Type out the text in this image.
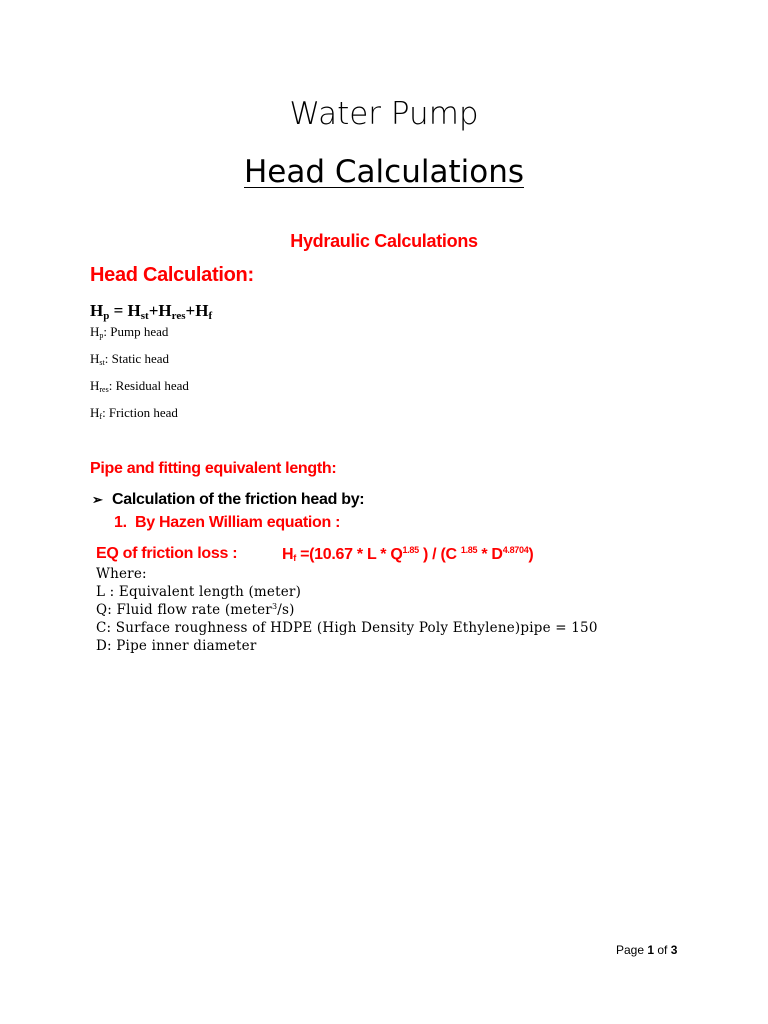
Water Pump
Head Calculations
Hydraulic Calculations
Head Calculation:
$H_p = H_{st}+H_{res}+H_f$
$H_p$: Pump head
$H_{st}$: Static head
$H_{res}$: Residual head
$H_f$: Friction head
Pipe and fitting equivalent length:
➢ Calculation of the friction head by:
1. By Hazen William equation :
EQ of friction loss :	$H_f =(10.67 * L * Q^{1.85}$ ) / (C $^{1.85} * D^{4.8704}$)
Where:
L : Equivalent length (meter)
Q: Fluid flow rate (meter$^3$/s)
C: Surface roughness of HDPE (High Density Poly Ethylene)pipe = 150
D: Pipe inner diameter
Page 1 of 3
